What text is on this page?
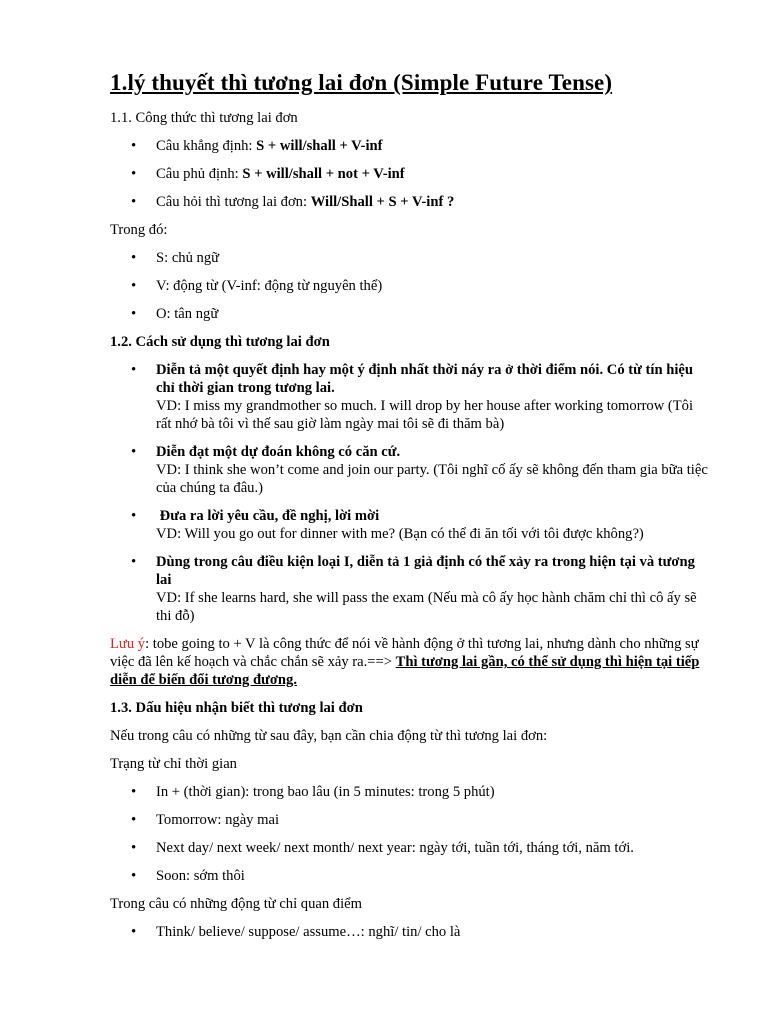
1.lý thuyết thì tương lai đơn (Simple Future Tense)

1.1. Công thức thì tương lai đơn

• Câu khẳng định: S + will/shall + V-inf
• Câu phủ định: S + will/shall + not + V-inf
• Câu hỏi thì tương lai đơn: Will/Shall + S + V-inf ?

Trong đó:

• S: chủ ngữ
• V: động từ (V-inf: động từ nguyên thể)
• O: tân ngữ

1.2. Cách sử dụng thì tương lai đơn

• Diễn tả một quyết định hay một ý định nhất thời náy ra ở thời điểm nói. Có từ tín hiệu chỉ thời gian trong tương lai.
VD: I miss my grandmother so much. I will drop by her house after working tomorrow (Tôi rất nhớ bà tôi vì thế sau giờ làm ngày mai tôi sẽ đi thăm bà)
• Diễn đạt một dự đoán không có căn cứ.
VD: I think she won’t come and join our party. (Tôi nghĩ cố ấy sẽ không đến tham gia bữa tiệc của chúng ta đâu.)
•  Đưa ra lời yêu cầu, đề nghị, lời mời
VD: Will you go out for dinner with me? (Bạn có thể đi ăn tối với tôi được không?)
• Dùng trong câu điều kiện loại I, diễn tả 1 giả định có thể xảy ra trong hiện tại và tương lai
VD: If she learns hard, she will pass the exam (Nếu mà cô ấy học hành chăm chỉ thì cô ấy sẽ thi đỗ)

Lưu ý: tobe going to + V là công thức để nói về hành động ở thì tương lai, nhưng dành cho những sự việc đã lên kế hoạch và chắc chắn sẽ xảy ra.==> Thì tương lai gần, có thể sử dụng thì hiện tại tiếp diễn để biến đổi tương đương.

1.3. Dấu hiệu nhận biết thì tương lai đơn

Nếu trong câu có những từ sau đây, bạn cần chia động từ thì tương lai đơn:

Trạng từ chỉ thời gian

• In + (thời gian): trong bao lâu (in 5 minutes: trong 5 phút)
• Tomorrow: ngày mai
• Next day/ next week/ next month/ next year: ngày tới, tuần tới, tháng tới, năm tới.
• Soon: sớm thôi

Trong câu có những động từ chỉ quan điểm

• Think/ believe/ suppose/ assume…: nghĩ/ tin/ cho là
